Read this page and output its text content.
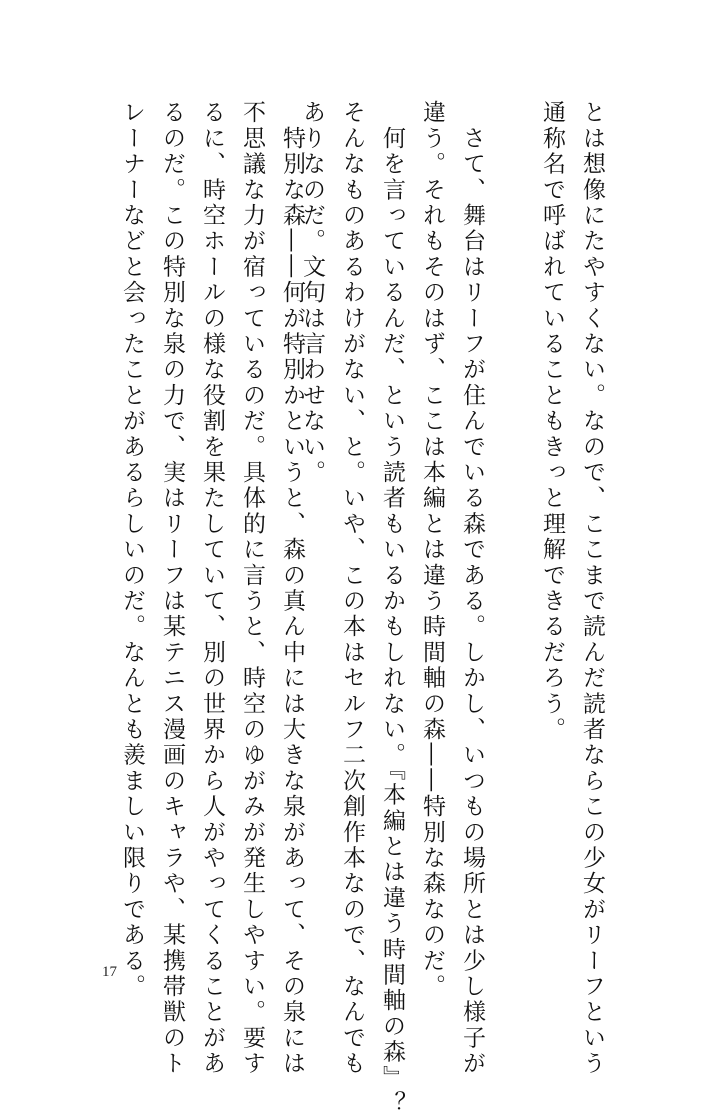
とは想像にたやすくない。なので、ここまで読んだ読者ならこの少女がリーフという
通称名で呼ばれていることもきっと理解できるだろう。
　さて、舞台はリーフが住んでいる森である。しかし、いつもの場所とは少し様子が
違う。それもそのはず、ここは本編とは違う時間軸の森――特別な森なのだ。
　何を言っているんだ、という読者もいるかもしれない。『本編とは違う時間軸の森』？
そんなものあるわけがない、と。いや、この本はセルフ二次創作本なので、なんでも
ありなのだ。文句は言わせない。
　特別な森――何が特別かというと、森の真ん中には大きな泉があって、その泉には
不思議な力が宿っているのだ。具体的に言うと、時空のゆがみが発生しやすい。要す
るに、時空ホールの様な役割を果たしていて、別の世界から人がやってくることがあ
るのだ。この特別な泉の力で、実はリーフは某テニス漫画のキャラや、某携帯獣のト
レーナーなどと会ったことがあるらしいのだ。なんとも羨ましい限りである。
17
